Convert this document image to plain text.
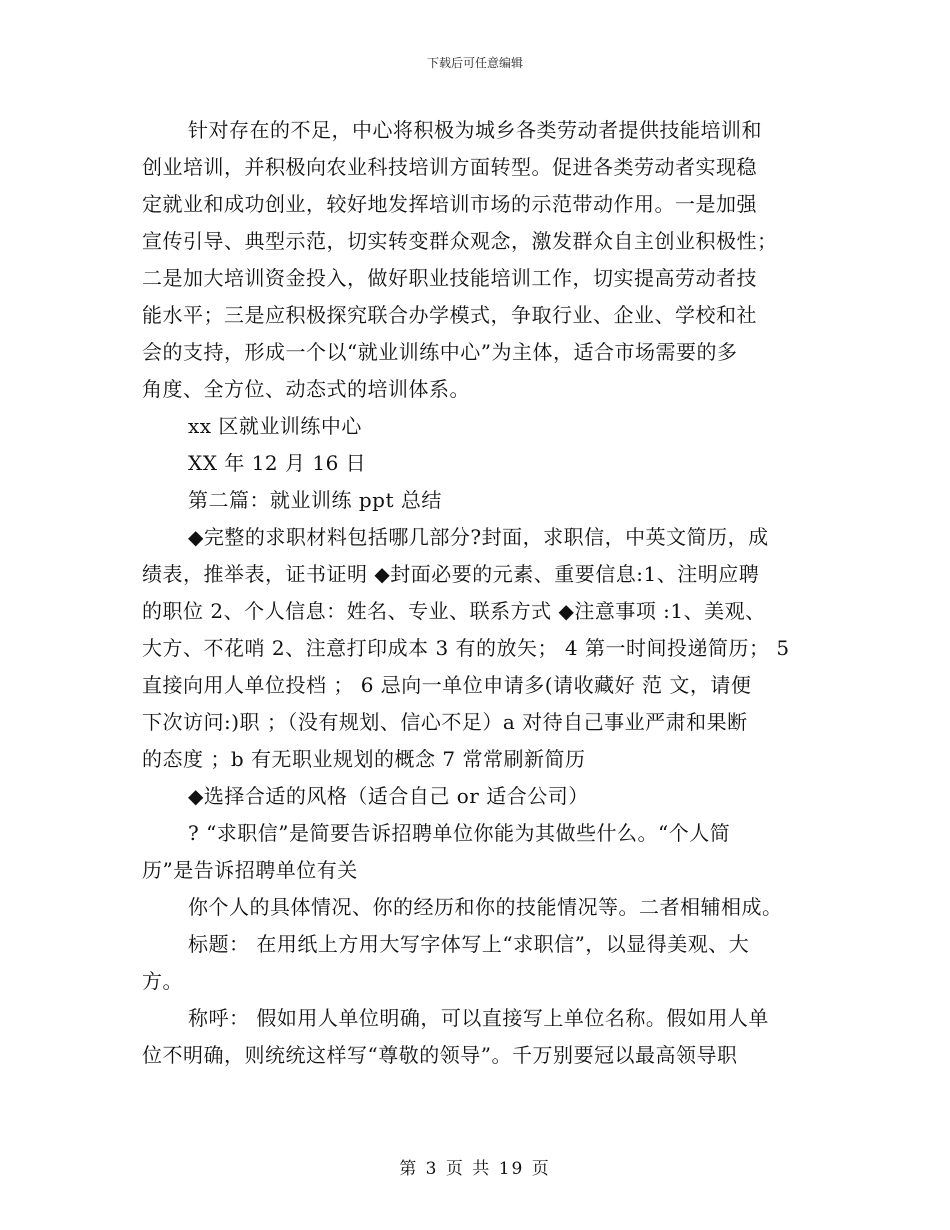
下载后可任意编辑
针对存在的不足，中心将积极为城乡各类劳动者提供技能培训和
创业培训，并积极向农业科技培训方面转型。促进各类劳动者实现稳
定就业和成功创业，较好地发挥培训市场的示范带动作用。一是加强
宣传引导、典型示范，切实转变群众观念，激发群众自主创业积极性；
二是加大培训资金投入，做好职业技能培训工作，切实提高劳动者技
能水平；三是应积极探究联合办学模式，争取行业、企业、学校和社
会的支持，形成一个以“就业训练中心”为主体，适合市场需要的多
角度、全方位、动态式的培训体系。
xx 区就业训练中心
XX 年 12 月 16 日
第二篇：就业训练 ppt 总结
◆完整的求职材料包括哪几部分?封面，求职信，中英文简历，成
绩表，推举表，证书证明 ◆封面必要的元素、重要信息:1、注明应聘
的职位 2、个人信息：姓名、专业、联系方式 ◆注意事项 :1、美观、
大方、不花哨 2、注意打印成本 3 有的放矢； 4 第一时间投递简历； 5
直接向用人单位投档 ； 6 忌向一单位申请多(请收藏好 范 文，请便
下次访问:)职 ；（没有规划、信心不足）a 对待自己事业严肃和果断
的态度 ；b 有无职业规划的概念 7 常常刷新简历
◆选择合适的风格（适合自己 or 适合公司）
? “求职信”是简要告诉招聘单位你能为其做些什么。“个人简
历”是告诉招聘单位有关
你个人的具体情况、你的经历和你的技能情况等。二者相辅相成。
标题： 在用纸上方用大写字体写上“求职信”，以显得美观、大
方。
称呼： 假如用人单位明确，可以直接写上单位名称。假如用人单
位不明确，则统统这样写“尊敬的领导”。千万别要冠以最高领导职
第 3 页 共 19 页
